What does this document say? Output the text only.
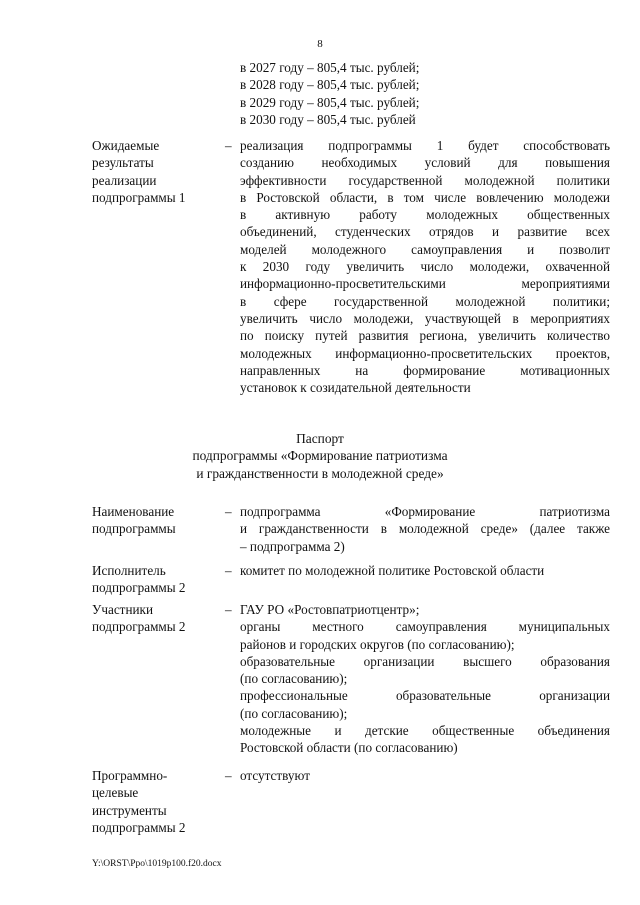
8
в 2027 году – 805,4 тыс. рублей;
в 2028 году – 805,4 тыс. рублей;
в 2029 году – 805,4 тыс. рублей;
в 2030 году – 805,4 тыс. рублей
Ожидаемые
результаты
реализации
подпрограммы 1
– реализация подпрограммы 1 будет способствовать
созданию необходимых условий для повышения
эффективности государственной молодежной политики
в Ростовской области, в том числе вовлечению молодежи
в активную работу молодежных общественных
объединений, студенческих отрядов и развитие всех
моделей молодежного самоуправления и позволит
к 2030 году увеличить число молодежи, охваченной
информационно-просветительскими мероприятиями
в сфере государственной молодежной политики;
увеличить число молодежи, участвующей в мероприятиях
по поиску путей развития региона, увеличить количество
молодежных информационно-просветительских проектов,
направленных на формирование мотивационных
установок к созидательной деятельности
Паспорт
подпрограммы «Формирование патриотизма
и гражданственности в молодежной среде»
Наименование
подпрограммы
– подпрограмма «Формирование патриотизма
и гражданственности в молодежной среде» (далее также
– подпрограмма 2)
Исполнитель
подпрограммы 2
– комитет по молодежной политике Ростовской области
Участники
подпрограммы 2
– ГАУ РО «Ростовпатриотцентр»;
органы местного самоуправления муниципальных
районов и городских округов (по согласованию);
образовательные организации высшего образования
(по согласованию);
профессиональные образовательные организации
(по согласованию);
молодежные и детские общественные объединения
Ростовской области (по согласованию)
Программно-
целевые
инструменты
подпрограммы 2
– отсутствуют
Y:\ORST\Ppo\1019p100.f20.docx
